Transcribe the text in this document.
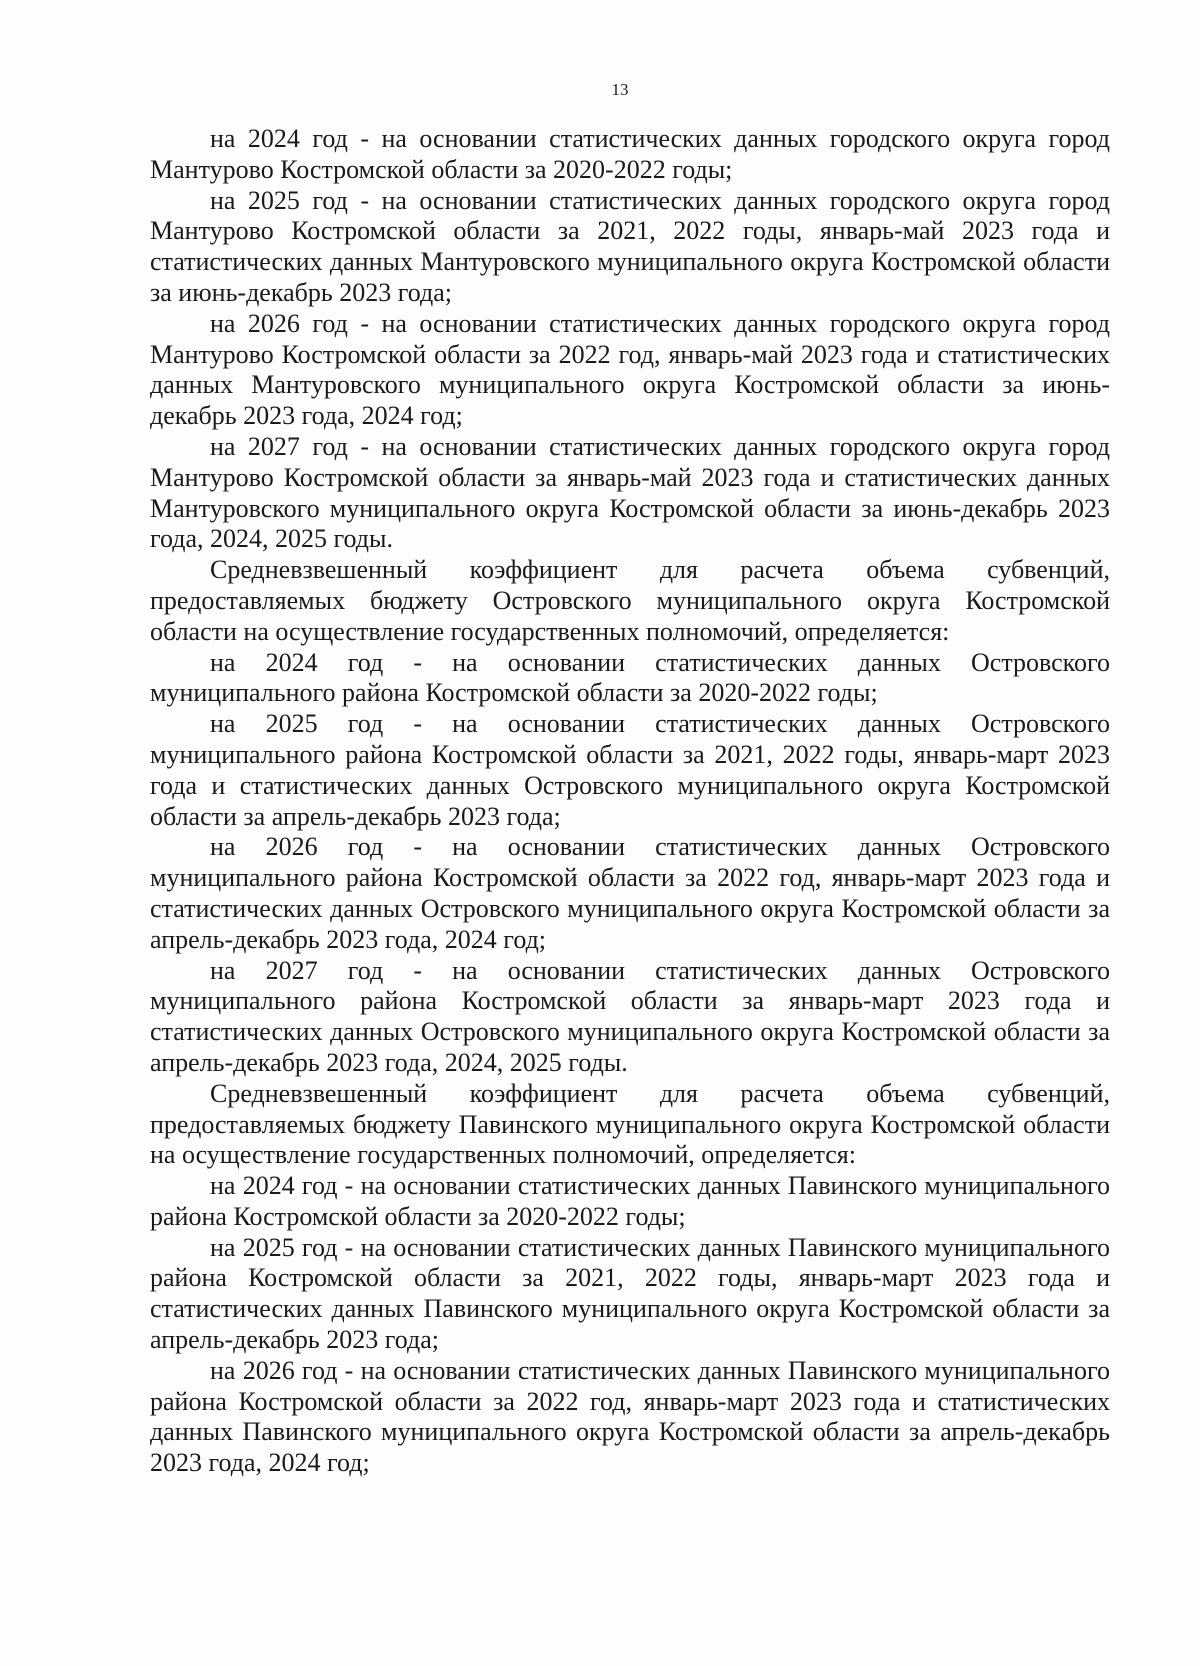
13

на 2024 год - на основании статистических данных городского округа город Мантурово Костромской области за 2020-2022 годы;

на 2025 год - на основании статистических данных городского округа город Мантурово Костромской области за 2021, 2022 годы, январь-май 2023 года и статистических данных Мантуровского муниципального округа Костромской области за июнь-декабрь 2023 года;

на 2026 год - на основании статистических данных городского округа город Мантурово Костромской области за 2022 год, январь-май 2023 года и статистических данных Мантуровского муниципального округа Костромской области за июнь-декабрь 2023 года, 2024 год;

на 2027 год - на основании статистических данных городского округа город Мантурово Костромской области за январь-май 2023 года и статистических данных Мантуровского муниципального округа Костромской области за июнь-декабрь 2023 года, 2024, 2025 годы.

Средневзвешенный коэффициент для расчета объема субвенций, предоставляемых бюджету Островского муниципального округа Костромской области на осуществление государственных полномочий, определяется:

на 2024 год - на основании статистических данных Островского муниципального района Костромской области за 2020-2022 годы;

на 2025 год - на основании статистических данных Островского муниципального района Костромской области за 2021, 2022 годы, январь-март 2023 года и статистических данных Островского муниципального округа Костромской области за апрель-декабрь 2023 года;

на 2026 год - на основании статистических данных Островского муниципального района Костромской области за 2022 год, январь-март 2023 года и статистических данных Островского муниципального округа Костромской области за апрель-декабрь 2023 года, 2024 год;

на 2027 год - на основании статистических данных Островского муниципального района Костромской области за январь-март 2023 года и статистических данных Островского муниципального округа Костромской области за апрель-декабрь 2023 года, 2024, 2025 годы.

Средневзвешенный коэффициент для расчета объема субвенций, предоставляемых бюджету Павинского муниципального округа Костромской области на осуществление государственных полномочий, определяется:

на 2024 год - на основании статистических данных Павинского муниципального района Костромской области за 2020-2022 годы;

на 2025 год - на основании статистических данных Павинского муниципального района Костромской области за 2021, 2022 годы, январь-март 2023 года и статистических данных Павинского муниципального округа Костромской области за апрель-декабрь 2023 года;

на 2026 год - на основании статистических данных Павинского муниципального района Костромской области за 2022 год, январь-март 2023 года и статистических данных Павинского муниципального округа Костромской области за апрель-декабрь 2023 года, 2024 год;
